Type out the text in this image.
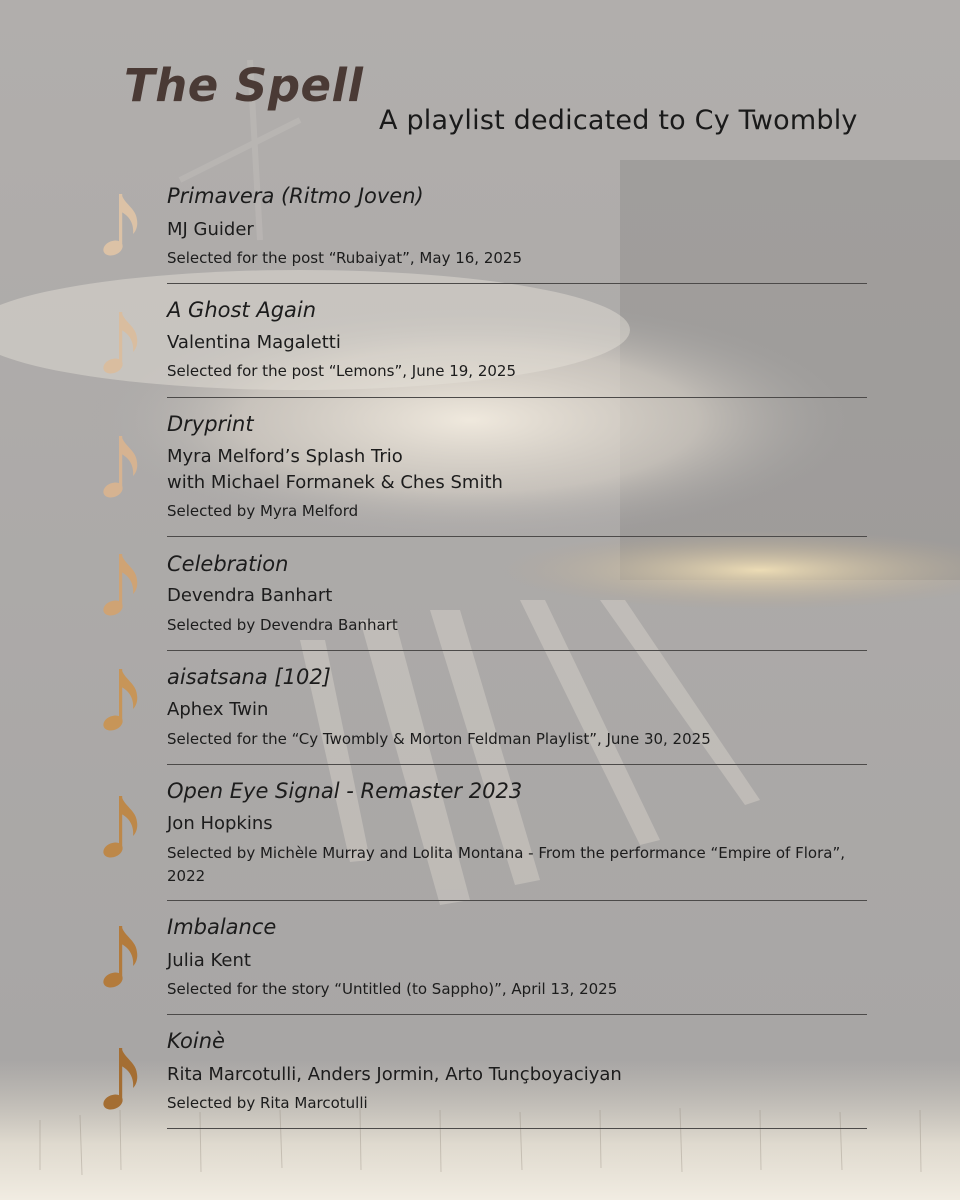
The Spell
A playlist dedicated to Cy Twombly
Primavera (Ritmo Joven)
MJ Guider
Selected for the post “Rubaiyat”, May 16, 2025
A Ghost Again
Valentina Magaletti
Selected for the post “Lemons”, June 19, 2025
Dryprint
Myra Melford’s Splash Trio
with Michael Formanek & Ches Smith
Selected by Myra Melford
Celebration
Devendra Banhart
Selected by Devendra Banhart
aisatsana [102]
Aphex Twin
Selected for the “Cy Twombly & Morton Feldman Playlist”, June 30, 2025
Open Eye Signal - Remaster 2023
Jon Hopkins
Selected by Michèle Murray and Lolita Montana - From the performance “Empire of Flora”, 2022
Imbalance
Julia Kent
Selected for the story “Untitled (to Sappho)”, April 13, 2025
Koinè
Rita Marcotulli, Anders Jormin, Arto Tunçboyaciyan
Selected by Rita Marcotulli
